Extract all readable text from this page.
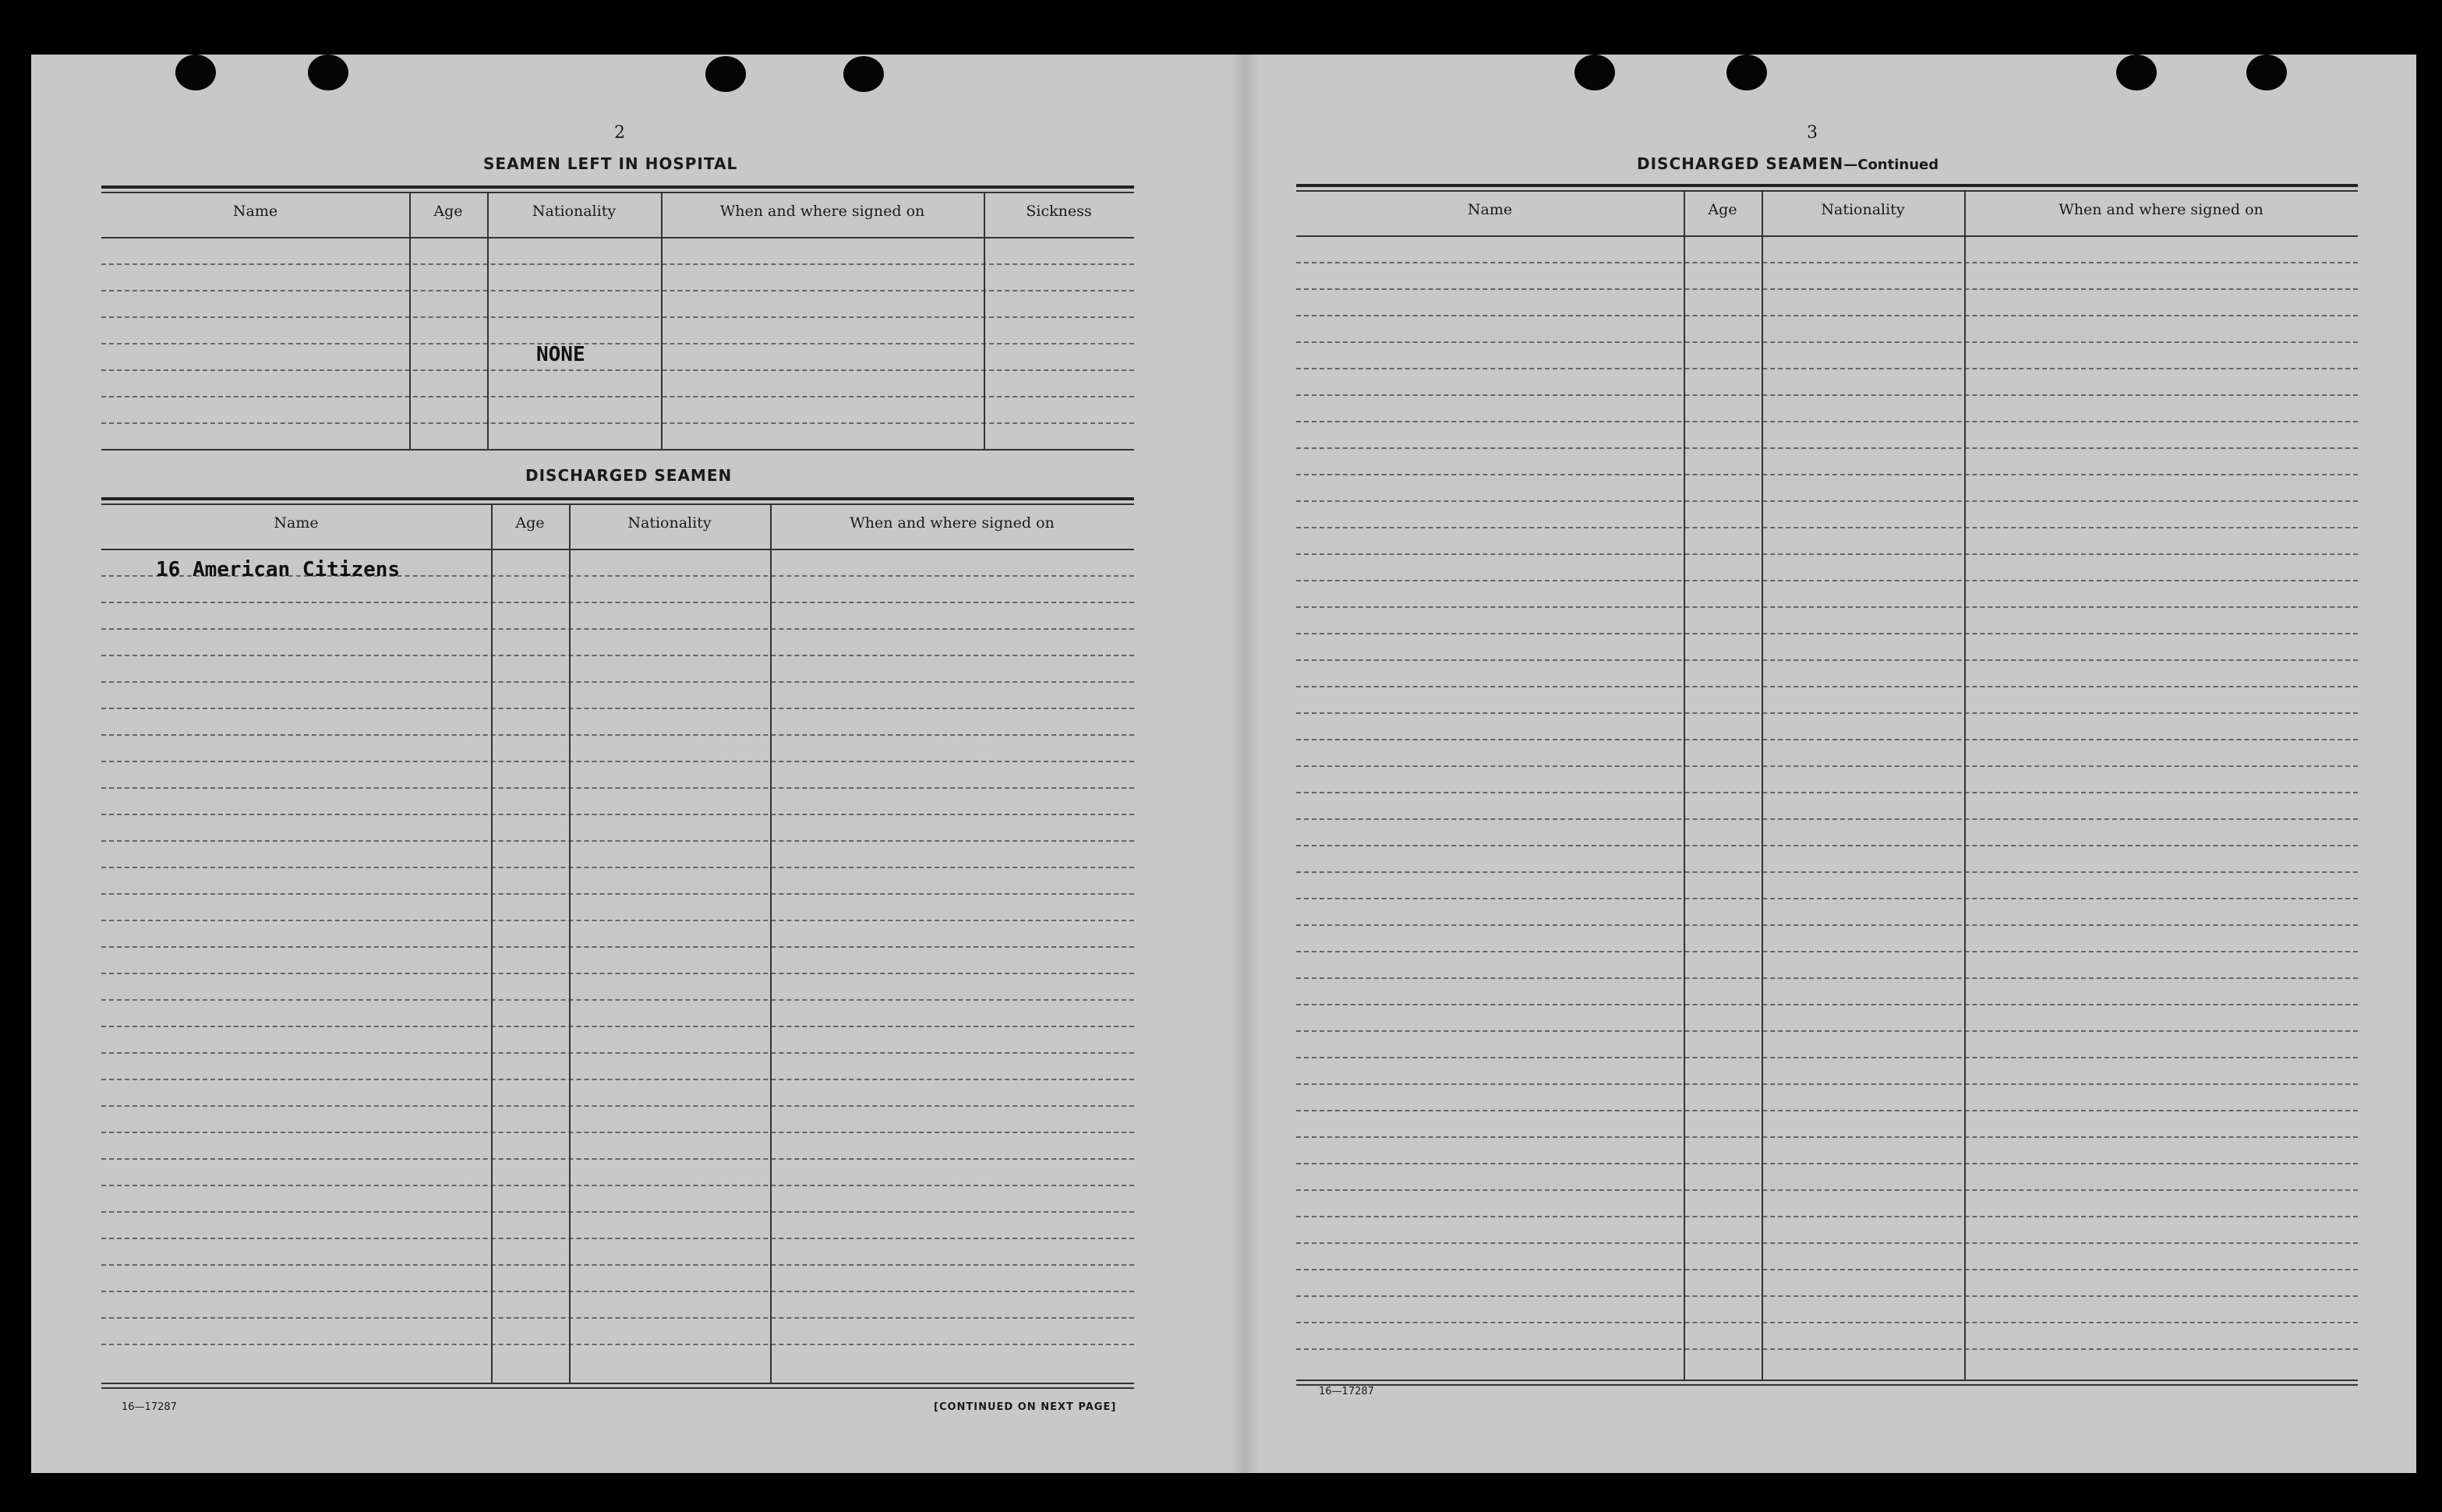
2
SEAMEN LEFT IN HOSPITAL
Name	Age	Nationality	When and where signed on	Sickness
NONE
DISCHARGED SEAMEN
Name	Age	Nationality	When and where signed on
16 American Citizens
16—17287	[CONTINUED ON NEXT PAGE]
3
DISCHARGED SEAMEN—Continued
Name	Age	Nationality	When and where signed on
16—17287
